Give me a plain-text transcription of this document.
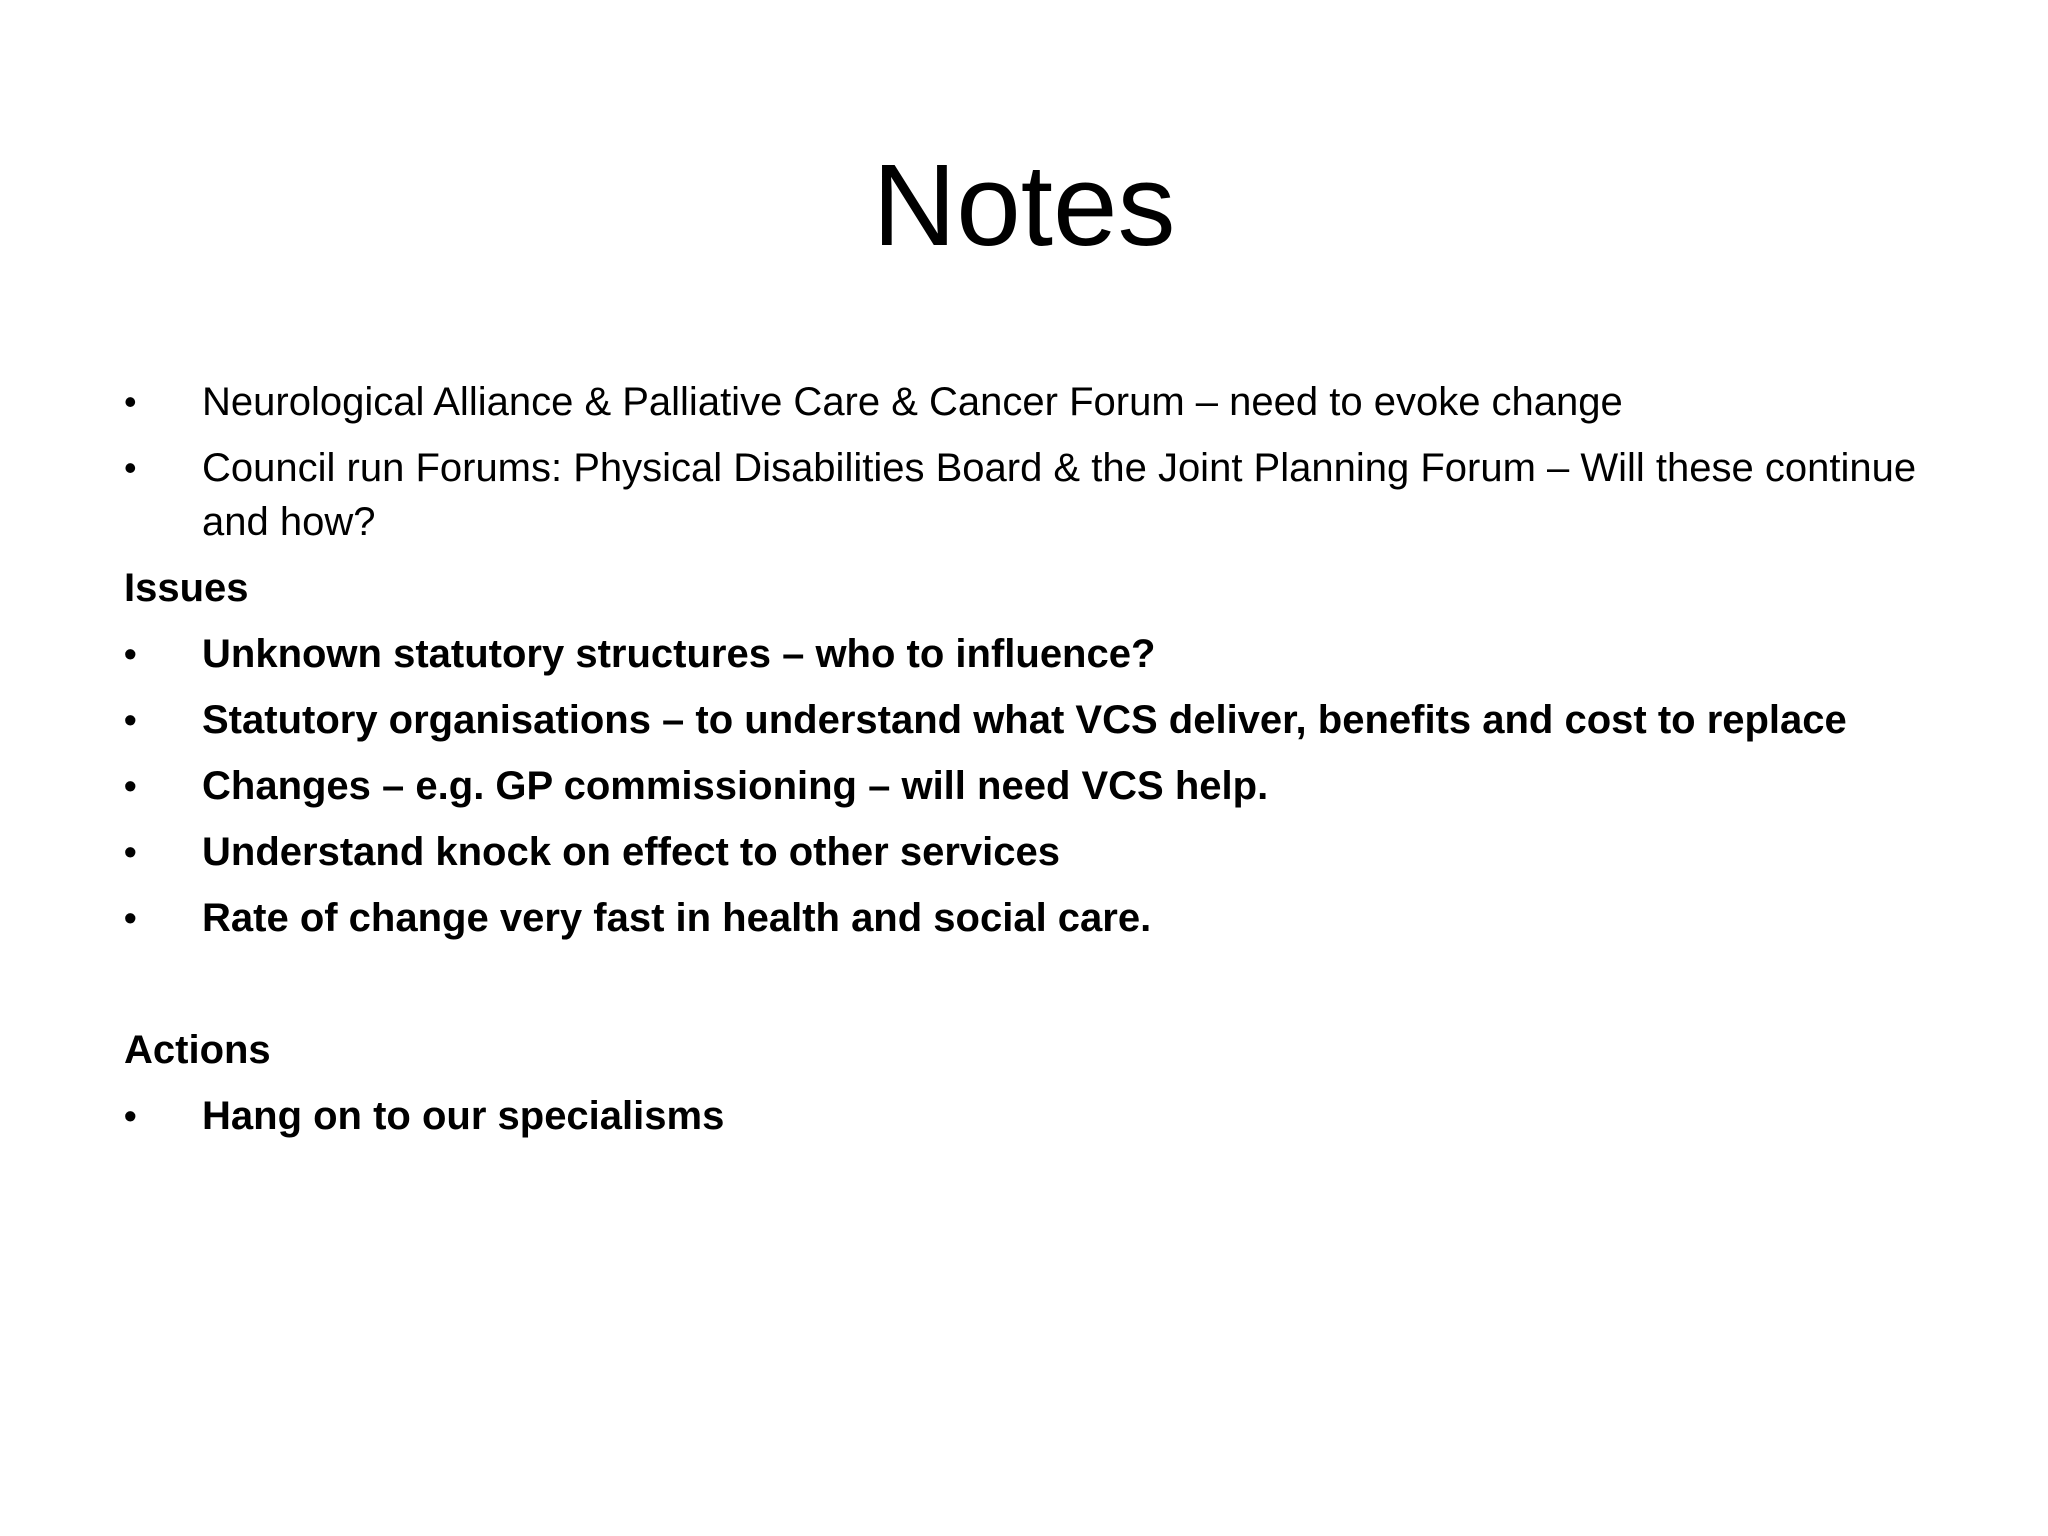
Notes
•	Neurological Alliance & Palliative Care & Cancer Forum – need to evoke change
•	Council run Forums: Physical Disabilities Board & the Joint Planning Forum – Will these continue and how?
Issues
•	Unknown statutory structures – who to influence?
•	Statutory organisations – to understand what VCS deliver, benefits and cost to replace
•	Changes – e.g. GP commissioning – will need VCS help.
•	Understand knock on effect to other services
•	Rate of change very fast in health and social care.
Actions
•	Hang on to our specialisms
